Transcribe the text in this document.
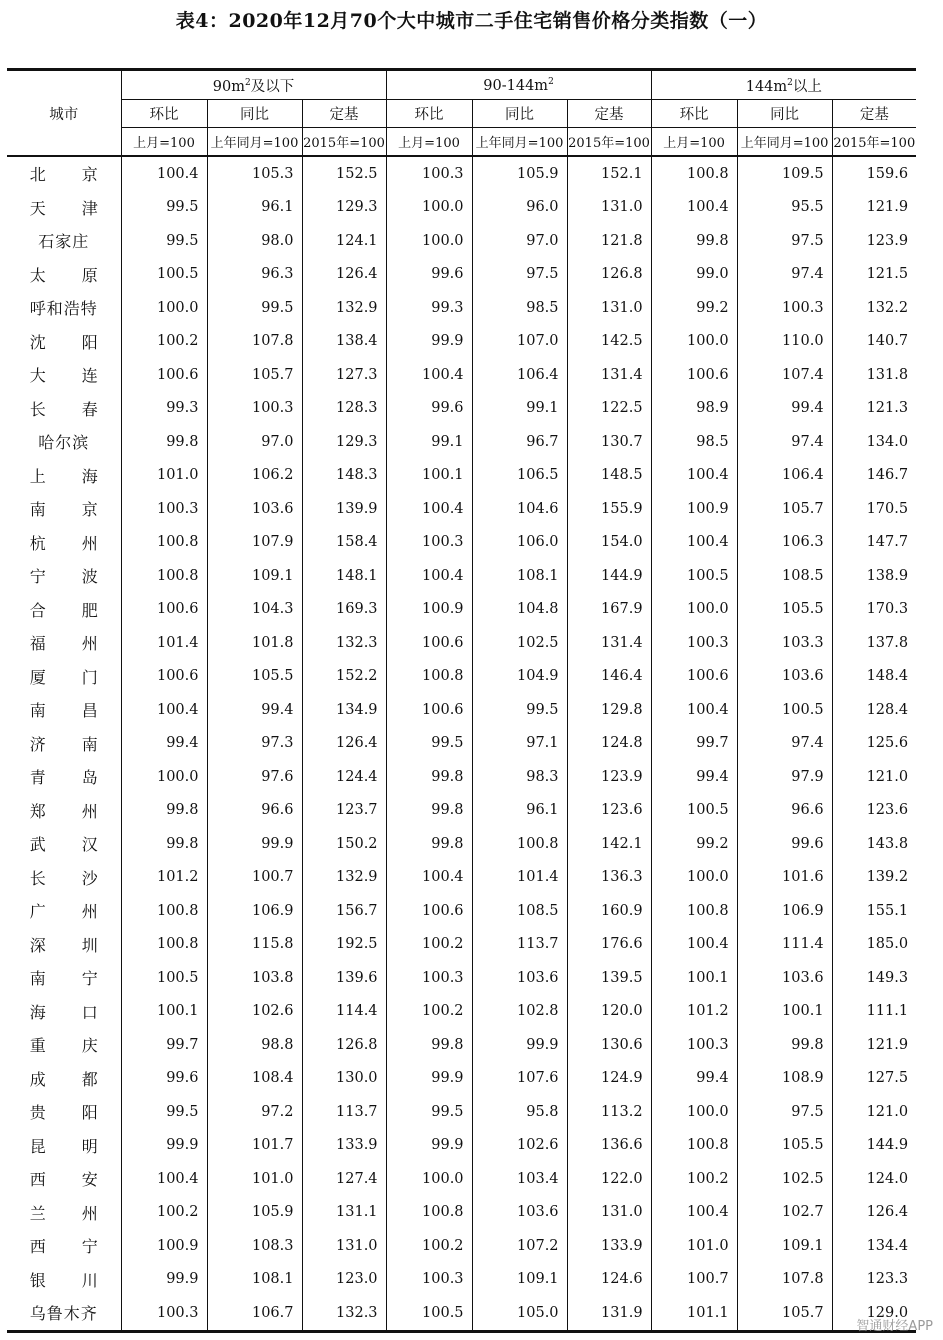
表4：2020年12月70个大中城市二手住宅销售价格分类指数（一）
城市	$90m^2$及以下			$90-144m^2$			$144m^2$以上		
	环比	同比	定基	环比	同比	定基	环比	同比	定基
	上月=100	上年同月=100	2015年=100	上月=100	上年同月=100	2015年=100	上月=100	上年同月=100	2015年=100
北京	100.4	105.3	152.5	100.3	105.9	152.1	100.8	109.5	159.6
天津	99.5	96.1	129.3	100.0	96.0	131.0	100.4	95.5	121.9
石家庄	99.5	98.0	124.1	100.0	97.0	121.8	99.8	97.5	123.9
太原	100.5	96.3	126.4	99.6	97.5	126.8	99.0	97.4	121.5
呼和浩特	100.0	99.5	132.9	99.3	98.5	131.0	99.2	100.3	132.2
沈阳	100.2	107.8	138.4	99.9	107.0	142.5	100.0	110.0	140.7
大连	100.6	105.7	127.3	100.4	106.4	131.4	100.6	107.4	131.8
长春	99.3	100.3	128.3	99.6	99.1	122.5	98.9	99.4	121.3
哈尔滨	99.8	97.0	129.3	99.1	96.7	130.7	98.5	97.4	134.0
上海	101.0	106.2	148.3	100.1	106.5	148.5	100.4	106.4	146.7
南京	100.3	103.6	139.9	100.4	104.6	155.9	100.9	105.7	170.5
杭州	100.8	107.9	158.4	100.3	106.0	154.0	100.4	106.3	147.7
宁波	100.8	109.1	148.1	100.4	108.1	144.9	100.5	108.5	138.9
合肥	100.6	104.3	169.3	100.9	104.8	167.9	100.0	105.5	170.3
福州	101.4	101.8	132.3	100.6	102.5	131.4	100.3	103.3	137.8
厦门	100.6	105.5	152.2	100.8	104.9	146.4	100.6	103.6	148.4
南昌	100.4	99.4	134.9	100.6	99.5	129.8	100.4	100.5	128.4
济南	99.4	97.3	126.4	99.5	97.1	124.8	99.7	97.4	125.6
青岛	100.0	97.6	124.4	99.8	98.3	123.9	99.4	97.9	121.0
郑州	99.8	96.6	123.7	99.8	96.1	123.6	100.5	96.6	123.6
武汉	99.8	99.9	150.2	99.8	100.8	142.1	99.2	99.6	143.8
长沙	101.2	100.7	132.9	100.4	101.4	136.3	100.0	101.6	139.2
广州	100.8	106.9	156.7	100.6	108.5	160.9	100.8	106.9	155.1
深圳	100.8	115.8	192.5	100.2	113.7	176.6	100.4	111.4	185.0
南宁	100.5	103.8	139.6	100.3	103.6	139.5	100.1	103.6	149.3
海口	100.1	102.6	114.4	100.2	102.8	120.0	101.2	100.1	111.1
重庆	99.7	98.8	126.8	99.8	99.9	130.6	100.3	99.8	121.9
成都	99.6	108.4	130.0	99.9	107.6	124.9	99.4	108.9	127.5
贵阳	99.5	97.2	113.7	99.5	95.8	113.2	100.0	97.5	121.0
昆明	99.9	101.7	133.9	99.9	102.6	136.6	100.8	105.5	144.9
西安	100.4	101.0	127.4	100.0	103.4	122.0	100.2	102.5	124.0
兰州	100.2	105.9	131.1	100.8	103.6	131.0	100.4	102.7	126.4
西宁	100.9	108.3	131.0	100.2	107.2	133.9	101.0	109.1	134.4
银川	99.9	108.1	123.0	100.3	109.1	124.6	100.7	107.8	123.3
乌鲁木齐	100.3	106.7	132.3	100.5	105.0	131.9	101.1	105.7	129.0
智通财经APP
